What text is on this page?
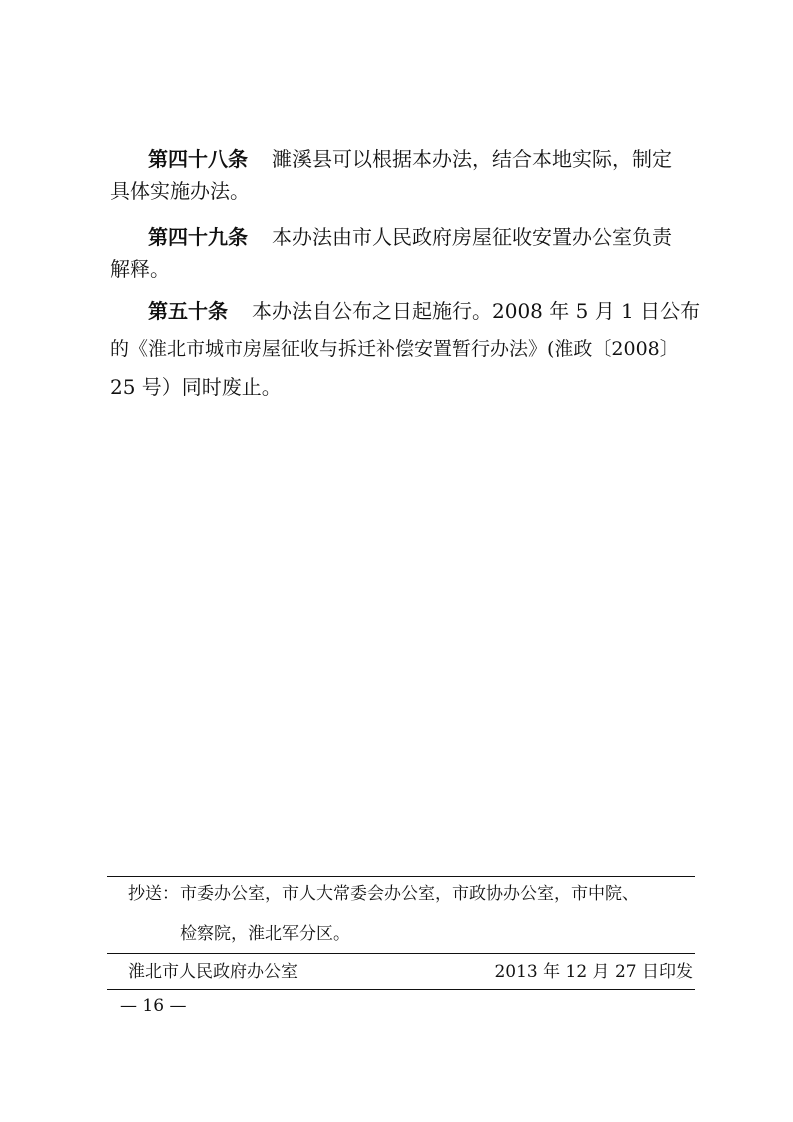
第四十八条 濉溪县可以根据本办法，结合本地实际，制定
具体实施办法。
第四十九条 本办法由市人民政府房屋征收安置办公室负责
解释。
第五十条 本办法自公布之日起施行。2008 年 5 月 1 日公布
的《淮北市城市房屋征收与拆迁补偿安置暂行办法》(淮政〔2008〕
25 号）同时废止。
抄送： 市委办公室，市人大常委会办公室，市政协办公室，市中院、
检察院，淮北军分区。
淮北市人民政府办公室	2013 年 12 月 27 日印发
— 16 —
